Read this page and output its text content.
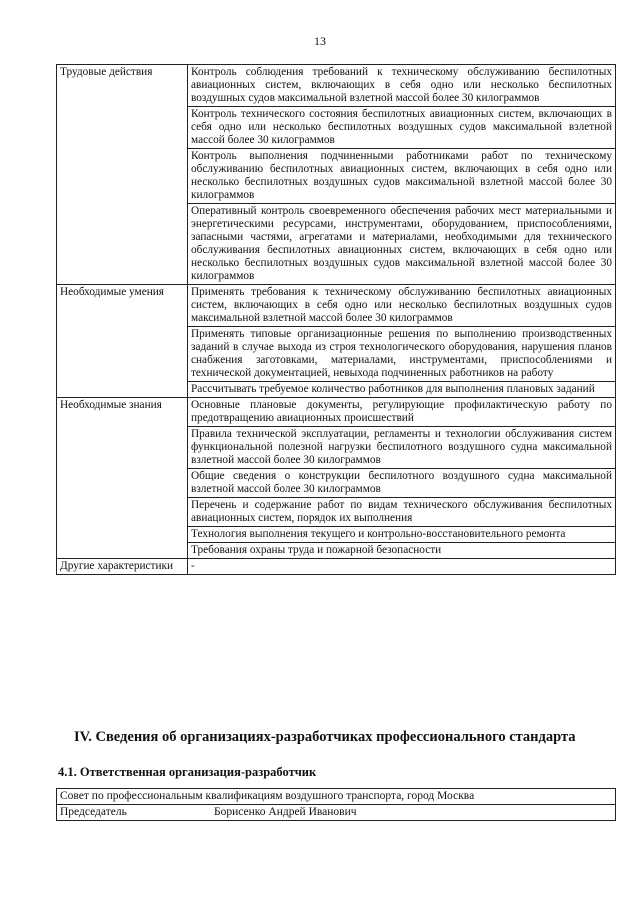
13
Трудовые действия	Контроль соблюдения требований к техническому обслуживанию беспилотных авиационных систем, включающих в себя одно или несколько беспилотных воздушных судов максимальной взлетной массой более 30 килограммов
	Контроль технического состояния беспилотных авиационных систем, включающих в себя одно или несколько беспилотных воздушных судов максимальной взлетной массой более 30 килограммов
	Контроль выполнения подчиненными работниками работ по техническому обслуживанию беспилотных авиационных систем, включающих в себя одно или несколько беспилотных воздушных судов максимальной взлетной массой более 30 килограммов
	Оперативный контроль своевременного обеспечения рабочих мест материальными и энергетическими ресурсами, инструментами, оборудованием, приспособлениями, запасными частями, агрегатами и материалами, необходимыми для технического обслуживания беспилотных авиационных систем, включающих в себя одно или несколько беспилотных воздушных судов максимальной взлетной массой более 30 килограммов
Необходимые умения	Применять требования к техническому обслуживанию беспилотных авиационных систем, включающих в себя одно или несколько беспилотных воздушных судов максимальной взлетной массой более 30 килограммов
	Применять типовые организационные решения по выполнению производственных заданий в случае выхода из строя технологического оборудования, нарушения планов снабжения заготовками, материалами, инструментами, приспособлениями и технической документацией, невыхода подчиненных работников на работу
	Рассчитывать требуемое количество работников для выполнения плановых заданий
Необходимые знания	Основные плановые документы, регулирующие профилактическую работу по предотвращению авиационных происшествий
	Правила технической эксплуатации, регламенты и технологии обслуживания систем функциональной полезной нагрузки беспилотного воздушного судна максимальной взлетной массой более 30 килограммов
	Общие сведения о конструкции беспилотного воздушного судна максимальной взлетной массой более 30 килограммов
	Перечень и содержание работ по видам технического обслуживания беспилотных авиационных систем, порядок их выполнения
	Технология выполнения текущего и контрольно-восстановительного ремонта
	Требования охраны труда и пожарной безопасности
Другие характеристики	-
IV. Сведения об организациях-разработчиках профессионального стандарта
4.1. Ответственная организация-разработчик
Совет по профессиональным квалификациям воздушного транспорта, город Москва
Председатель	Борисенко Андрей Иванович
